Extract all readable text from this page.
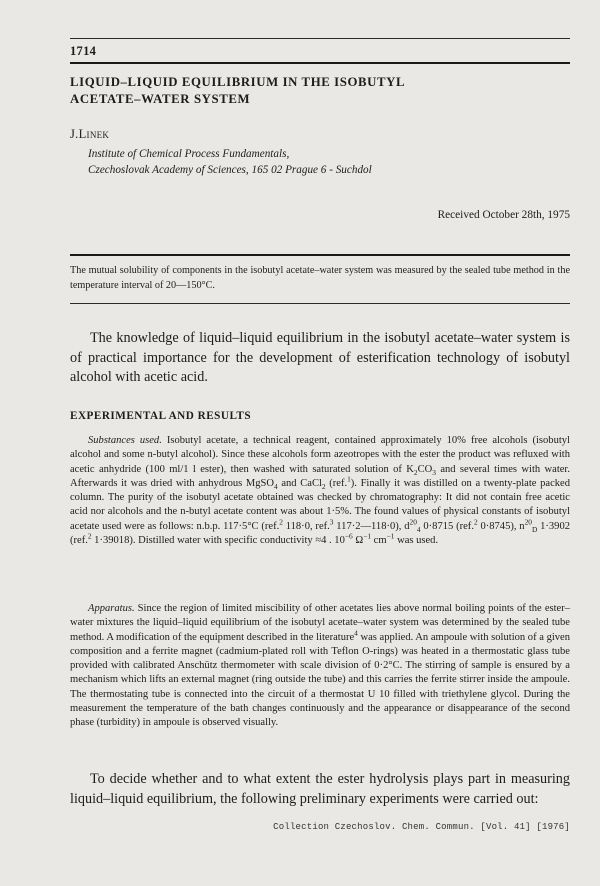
1714
LIQUID–LIQUID EQUILIBRIUM IN THE ISOBUTYL
ACETATE–WATER SYSTEM
J.Linek
Institute of Chemical Process Fundamentals,
Czechoslovak Academy of Sciences, 165 02 Prague 6 - Suchdol
Received October 28th, 1975
The mutual solubility of components in the isobutyl acetate–water system was measured by the sealed tube method in the temperature interval of 20—150°C.
The knowledge of liquid–liquid equilibrium in the isobutyl acetate–water system is of practical importance for the development of esterification technology of isobutyl alcohol with acetic acid.
EXPERIMENTAL AND RESULTS
Substances used. Isobutyl acetate, a technical reagent, contained approximately 10% free alcohols (isobutyl alcohol and some n-butyl alcohol). Since these alcohols form azeotropes with the ester the product was refluxed with acetic anhydride (100 ml/1 l ester), then washed with saturated solution of $K_2CO_3$ and several times with water. Afterwards it was dried with anhydrous MgSO$_4$ and CaCl$_2$ (ref.$^1$). Finally it was distilled on a twenty-plate packed column. The purity of the isobutyl acetate obtained was checked by chromatography: It did not contain free acetic acid nor alcohols and the n-butyl acetate content was about 1·5%. The found values of physical constants of isobutyl acetate used were as follows: n.b.p. 117·5°C (ref.$^2$ 118·0, ref.$^3$ 117·2—118·0), $d^{20}_4$ 0·8715 (ref.$^2$ 0·8745), $n^{20}_D$ 1·3902 (ref.$^2$ 1·39018). Distilled water with specific conductivity ≈4 . $10^{-6}$ $\Omega^{-1}$ $cm^{-1}$ was used.
Apparatus. Since the region of limited miscibility of other acetates lies above normal boiling points of the ester–water mixtures the liquid–liquid equilibrium of the isobutyl acetate–water system was determined by the sealed tube method. A modification of the equipment described in the literature$^4$ was applied. An ampoule with solution of a given composition and a ferrite magnet (cadmium-plated roll with Teflon O-rings) was heated in a thermostatic glass tube provided with calibrated Anschütz thermometer with scale division of 0·2°C. The stirring of sample is ensured by a mechanism which lifts an external magnet (ring outside the tube) and this carries the ferrite stirrer inside the ampoule. The thermostating tube is connected into the circuit of a thermostat U 10 filled with triethylene glycol. During the measurement the temperature of the bath changes continuously and the appearance or disappearance of the second phase (turbidity) in ampoule is observed visually.
To decide whether and to what extent the ester hydrolysis plays part in measuring liquid–liquid equilibrium, the following preliminary experiments were carried out:
Collection Czechoslov. Chem. Commun. [Vol. 41] [1976]
